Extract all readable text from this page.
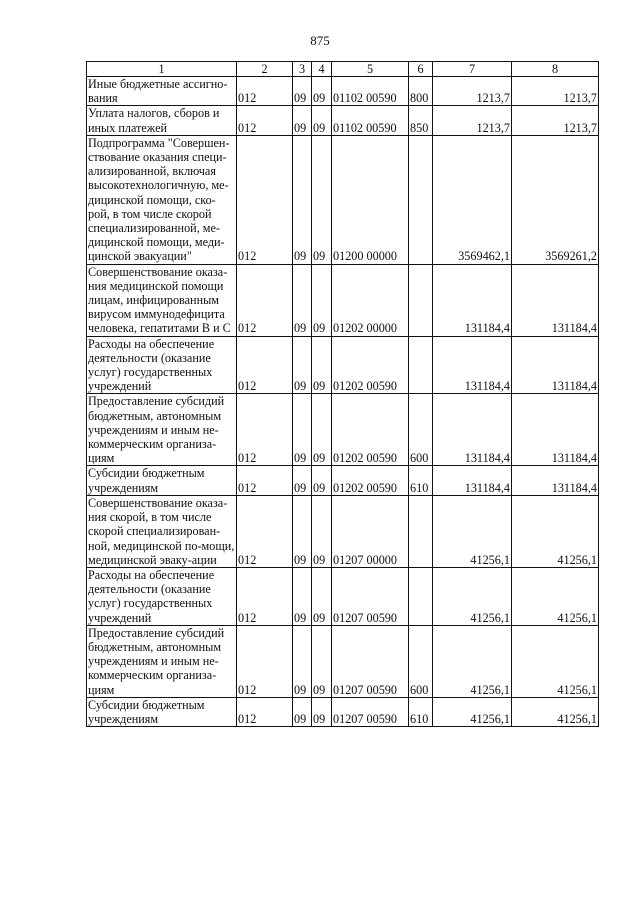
875
1	2	3	4	5	6	7	8
Иные бюджетные ассигно-вания	012	09	09	01102 00590	800	1213,7	1213,7
Уплата налогов, сборов и иных платежей	012	09	09	01102 00590	850	1213,7	1213,7
Подпрограмма "Совершен-ствование оказания специ-ализированной, включая высокотехнологичную, ме-дицинской помощи, ско-рой, в том числе скорой специализированной, ме-дицинской помощи, меди-цинской эвакуации"	012	09	09	01200 00000		3569462,1	3569261,2
Совершенствование оказа-ния медицинской помощи лицам, инфицированным вирусом иммунодефицита человека, гепатитами В и С	012	09	09	01202 00000		131184,4	131184,4
Расходы на обеспечение деятельности (оказание услуг) государственных учреждений	012	09	09	01202 00590		131184,4	131184,4
Предоставление субсидий бюджетным, автономным учреждениям и иным не-коммерческим организа-циям	012	09	09	01202 00590	600	131184,4	131184,4
Субсидии бюджетным учреждениям	012	09	09	01202 00590	610	131184,4	131184,4
Совершенствование оказа-ния скорой, в том числе скорой специализирован-ной, медицинской по-мощи, медицинской эваку-ации	012	09	09	01207 00000		41256,1	41256,1
Расходы на обеспечение деятельности (оказание услуг) государственных учреждений	012	09	09	01207 00590		41256,1	41256,1
Предоставление субсидий бюджетным, автономным учреждениям и иным не-коммерческим организа-циям	012	09	09	01207 00590	600	41256,1	41256,1
Субсидии бюджетным учреждениям	012	09	09	01207 00590	610	41256,1	41256,1
